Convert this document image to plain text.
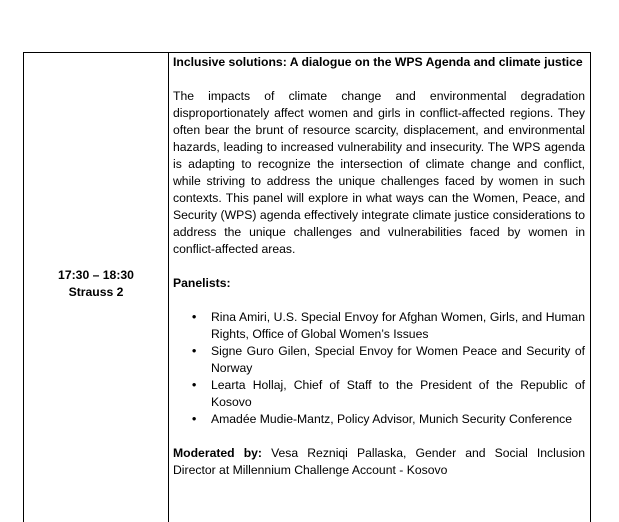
17:30 – 18:30
Strauss 2

Inclusive solutions: A dialogue on the WPS Agenda and climate justice

The impacts of climate change and environmental degradation disproportionately affect women and girls in conflict-affected regions. They often bear the brunt of resource scarcity, displacement, and environmental hazards, leading to increased vulnerability and insecurity. The WPS agenda is adapting to recognize the intersection of climate change and conflict, while striving to address the unique challenges faced by women in such contexts. This panel will explore in what ways can the Women, Peace, and Security (WPS) agenda effectively integrate climate justice considerations to address the unique challenges and vulnerabilities faced by women in conflict-affected areas.

Panelists:

• Rina Amiri, U.S. Special Envoy for Afghan Women, Girls, and Human Rights, Office of Global Women’s Issues
• Signe Guro Gilen, Special Envoy for Women Peace and Security of Norway
• Learta Hollaj, Chief of Staff to the President of the Republic of Kosovo
• Amadée Mudie-Mantz, Policy Advisor, Munich Security Conference

Moderated by: Vesa Rezniqi Pallaska, Gender and Social Inclusion Director at Millennium Challenge Account - Kosovo
